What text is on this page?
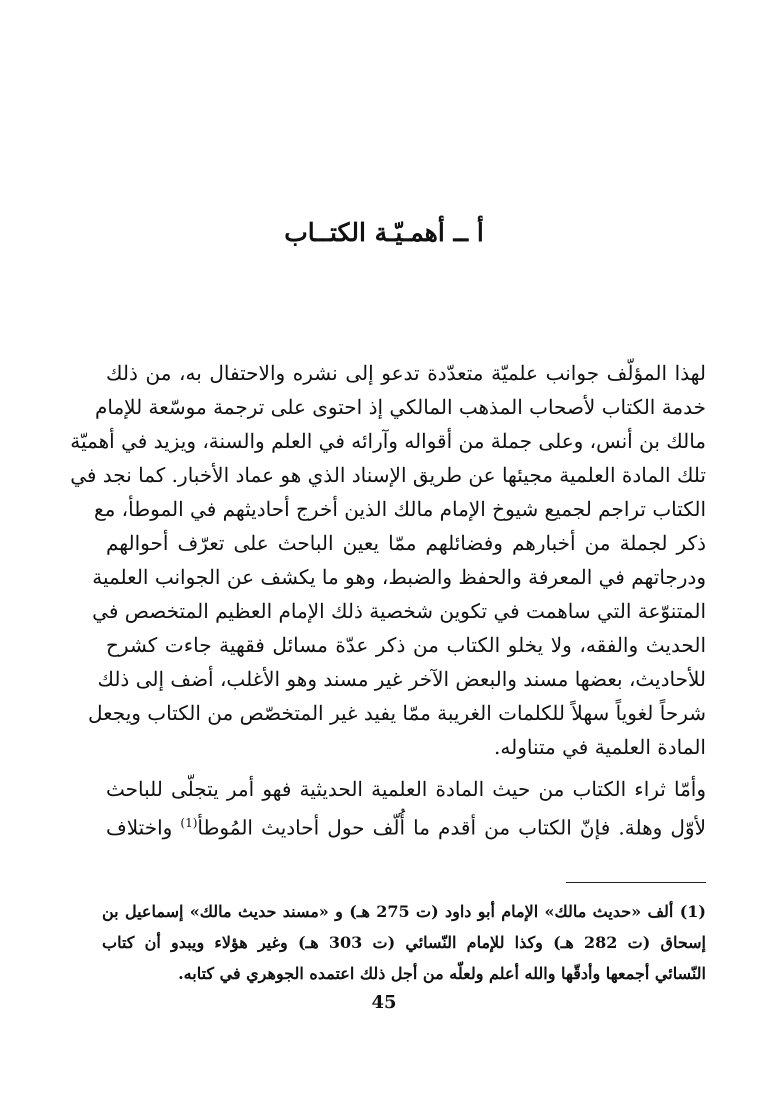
أ ــ أهمـيّـة الكتــاب

لهذا المؤلّف جوانب علميّة متعدّدة تدعو إلى نشره والاحتفال به، من ذلك
خدمة الكتاب لأصحاب المذهب المالكي إذ احتوى على ترجمة موسّعة للإمام
مالك بن أنس، وعلى جملة من أقواله وآرائه في العلم والسنة، ويزيد في أهميّة
تلك المادة العلمية مجيئها عن طريق الإسناد الذي هو عماد الأخبار. كما نجد في
الكتاب تراجم لجميع شيوخ الإمام مالك الذين أخرج أحاديثهم في الموطأ، مع
ذكر لجملة من أخبارهم وفضائلهم ممّا يعين الباحث على تعرّف أحوالهم
ودرجاتهم في المعرفة والحفظ والضبط، وهو ما يكشف عن الجوانب العلمية
المتنوّعة التي ساهمت في تكوين شخصية ذلك الإمام العظيم المتخصص في
الحديث والفقه، ولا يخلو الكتاب من ذكر عدّة مسائل فقهية جاءت كشرح
للأحاديث، بعضها مسند والبعض الآخر غير مسند وهو الأغلب، أضف إلى ذلك
شرحاً لغوياً سهلاً للكلمات الغريبة ممّا يفيد غير المتخصّص من الكتاب ويجعل
المادة العلمية في متناوله.

وأمّا ثراء الكتاب من حيث المادة العلمية الحديثية فهو أمر يتجلّى للباحث
لأوّل وهلة. فإنّ الكتاب من أقدم ما أُلّف حول أحاديث المُوطأ$^{(1)}$ واختلاف

(1) ألف «حديث مالك» الإمام أبو داود (ت 275 هـ) و «مسند حديث مالك» إسماعيل بن
إسحاق (ت 282 هـ) وكذا للإمام النّسائي (ت 303 هـ) وغير هؤلاء ويبدو أن كتاب
النّسائي أجمعها وأدقّها والله أعلم ولعلّه من أجل ذلك اعتمده الجوهري في كتابه.
45
